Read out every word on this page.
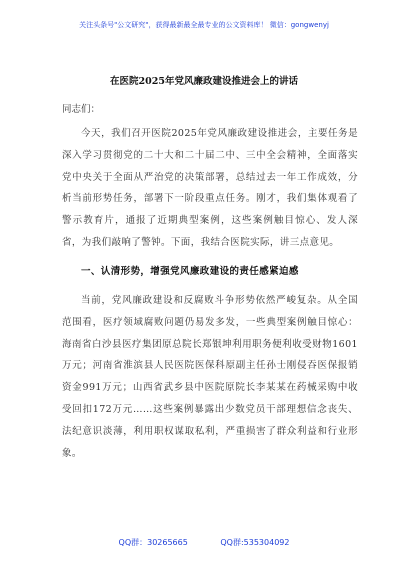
关注头条号"公文研究"，获得最新最全最专业的公文资料库！ 微信：gongwenyj
在医院2025年党风廉政建设推进会上的讲话
同志们：

今天，我们召开医院2025年党风廉政建设推进会，主要任务是深入学习贯彻党的二十大和二十届二中、三中全会精神，全面落实党中央关于全面从严治党的决策部署，总结过去一年工作成效，分析当前形势任务，部署下一阶段重点任务。刚才，我们集体观看了警示教育片，通报了近期典型案例，这些案例触目惊心、发人深省，为我们敲响了警钟。下面，我结合医院实际，讲三点意见。

一、认清形势，增强党风廉政建设的责任感紧迫感

当前，党风廉政建设和反腐败斗争形势依然严峻复杂。从全国范围看，医疗领域腐败问题仍易发多发，一些典型案例触目惊心：海南省白沙县医疗集团原总院长郑银坤利用职务便利收受财物1601万元；河南省淮滨县人民医院医保科原副主任孙士刚侵吞医保报销资金991万元；山西省武乡县中医院原院长李某某在药械采购中收受回扣172万元……这些案例暴露出少数党员干部理想信念丧失、法纪意识淡薄，利用职权谋取私利，严重损害了群众利益和行业形象。

QQ群：30265665	QQ群:535304092
